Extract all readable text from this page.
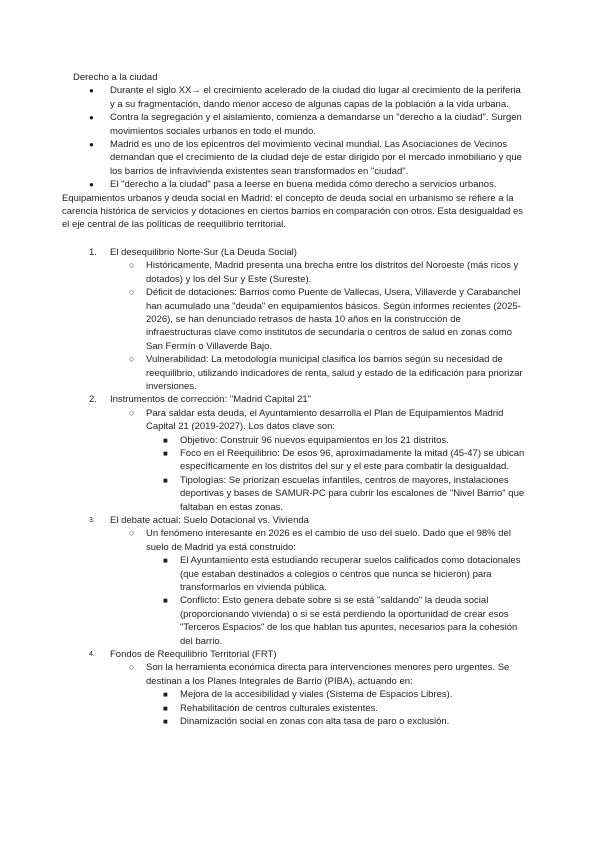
Derecho a la ciudad

● Durante el siglo XX→ el crecimiento acelerado de la ciudad dio lugar al crecimiento de la periferia y a su fragmentación, dando menor acceso de algunas capas de la población a la vida urbana.
● Contra la segregación y el aislamiento, comienza a demandarse un "derecho a la ciudad". Surgen movimientos sociales urbanos en todo el mundo.
● Madrid es uno de los epicentros del movimiento vecinal mundial. Las Asociaciones de Vecinos demandan que el crecimiento de la ciudad deje de estar dirigido por el mercado inmobiliario y que los barrios de infravivienda existentes sean transformados en "ciudad".
● El "derecho a la ciudad" pasa a leerse en buena medida cómo derecho a servicios urbanos.

Equipamientos urbanos y deuda social en Madrid: el concepto de deuda social en urbanismo se refiere a la carencia histórica de servicios y dotaciones en ciertos barrios en comparación con otros. Esta desigualdad es el eje central de las políticas de reequilibrio territorial.

1. El desequilibrio Norte-Sur (La Deuda Social)
○ Históricamente, Madrid presenta una brecha entre los distritos del Noroeste (más ricos y dotados) y los del Sur y Este (Sureste).
○ Déficit de dotaciones: Barrios como Puente de Vallecas, Usera, Villaverde y Carabanchel han acumulado una "deuda" en equipamientos básicos. Según informes recientes (2025-2026), se han denunciado retrasos de hasta 10 años en la construcción de infraestructuras clave como institutos de secundaria o centros de salud en zonas como San Fermín o Villaverde Bajo.
○ Vulnerabilidad: La metodología municipal clasifica los barrios según su necesidad de reequilibrio, utilizando indicadores de renta, salud y estado de la edificación para priorizar inversiones.
2. Instrumentos de corrección: "Madrid Capital 21"
○ Para saldar esta deuda, el Ayuntamiento desarrolla el Plan de Equipamientos Madrid Capital 21 (2019-2027). Los datos clave son:
■ Objetivo: Construir 96 nuevos equipamientos en los 21 distritos.
■ Foco en el Reequilibrio: De esos 96, aproximadamente la mitad (45-47) se ubican específicamente en los distritos del sur y el este para combatir la desigualdad.
■ Tipologías: Se priorizan escuelas infantiles, centros de mayores, instalaciones deportivas y bases de SAMUR-PC para cubrir los escalones de "Nivel Barrio" que faltaban en estas zonas.
3. El debate actual: Suelo Dotacional vs. Vivienda
○ Un fenómeno interesante en 2026 es el cambio de uso del suelo. Dado que el 98% del suelo de Madrid ya está construido:
■ El Ayuntamiento está estudiando recuperar suelos calificados como dotacionales (que estaban destinados a colegios o centros que nunca se hicieron) para transformarlos en vivienda pública.
■ Conflicto: Esto genera debate sobre si se está "saldando" la deuda social (proporcionando vivienda) o si se está perdiendo la oportunidad de crear esos "Terceros Espacios" de los que hablan tus apuntes, necesarios para la cohesión del barrio.
4. Fondos de Reequilibrio Territorial (FRT)
○ Son la herramienta económica directa para intervenciones menores pero urgentes. Se destinan a los Planes Integrales de Barrio (PIBA), actuando en:
■ Mejora de la accesibilidad y viales (Sistema de Espacios Libres).
■ Rehabilitación de centros culturales existentes.
■ Dinamización social en zonas con alta tasa de paro o exclusión.
